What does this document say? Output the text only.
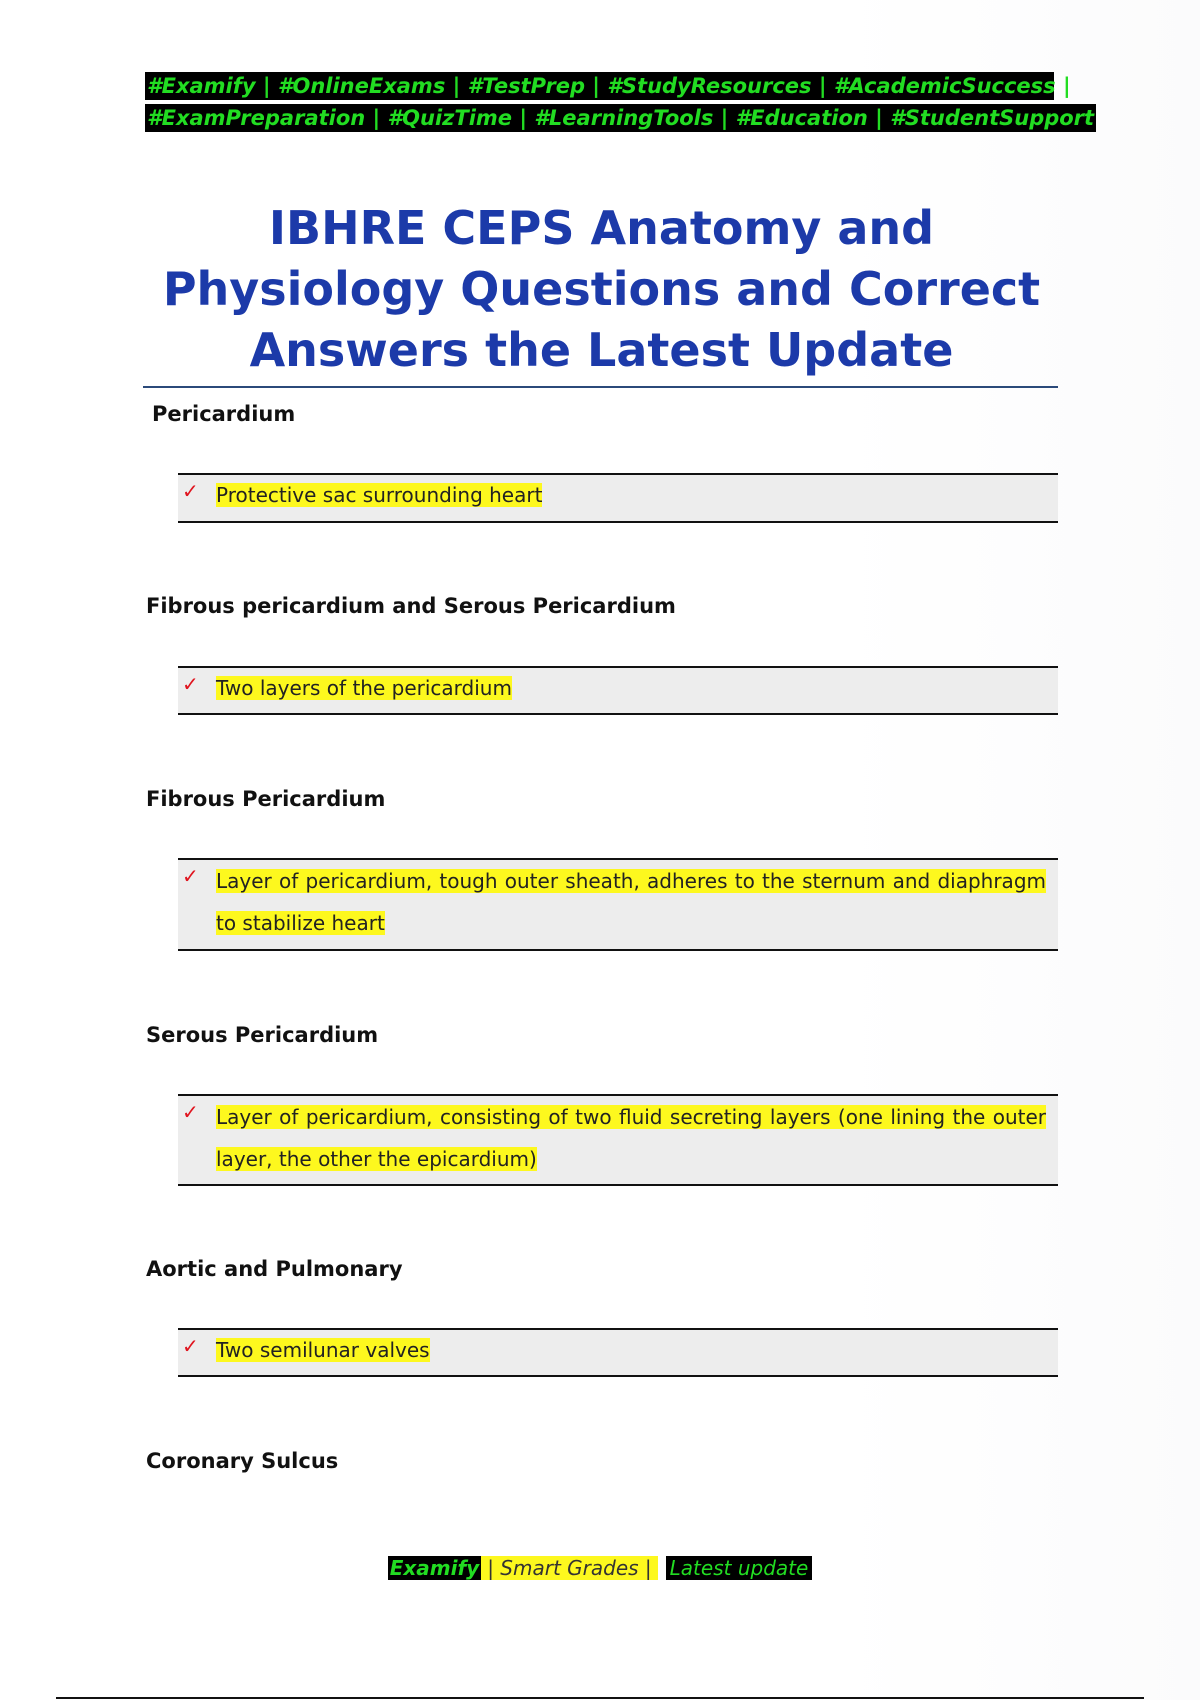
#Examify | #OnlineExams | #TestPrep | #StudyResources | #AcademicSuccess |
#ExamPreparation | #QuizTime | #LearningTools | #Education | #StudentSupport
IBHRE CEPS Anatomy and
Physiology Questions and Correct
Answers the Latest Update
Pericardium
✓ Protective sac surrounding heart
Fibrous pericardium and Serous Pericardium
✓ Two layers of the pericardium
Fibrous Pericardium
✓ Layer of pericardium, tough outer sheath, adheres to the sternum and diaphragm to stabilize heart
Serous Pericardium
✓ Layer of pericardium, consisting of two fluid secreting layers (one lining the outer layer, the other the epicardium)
Aortic and Pulmonary
✓ Two semilunar valves
Coronary Sulcus
Examify | Smart Grades | Latest update
